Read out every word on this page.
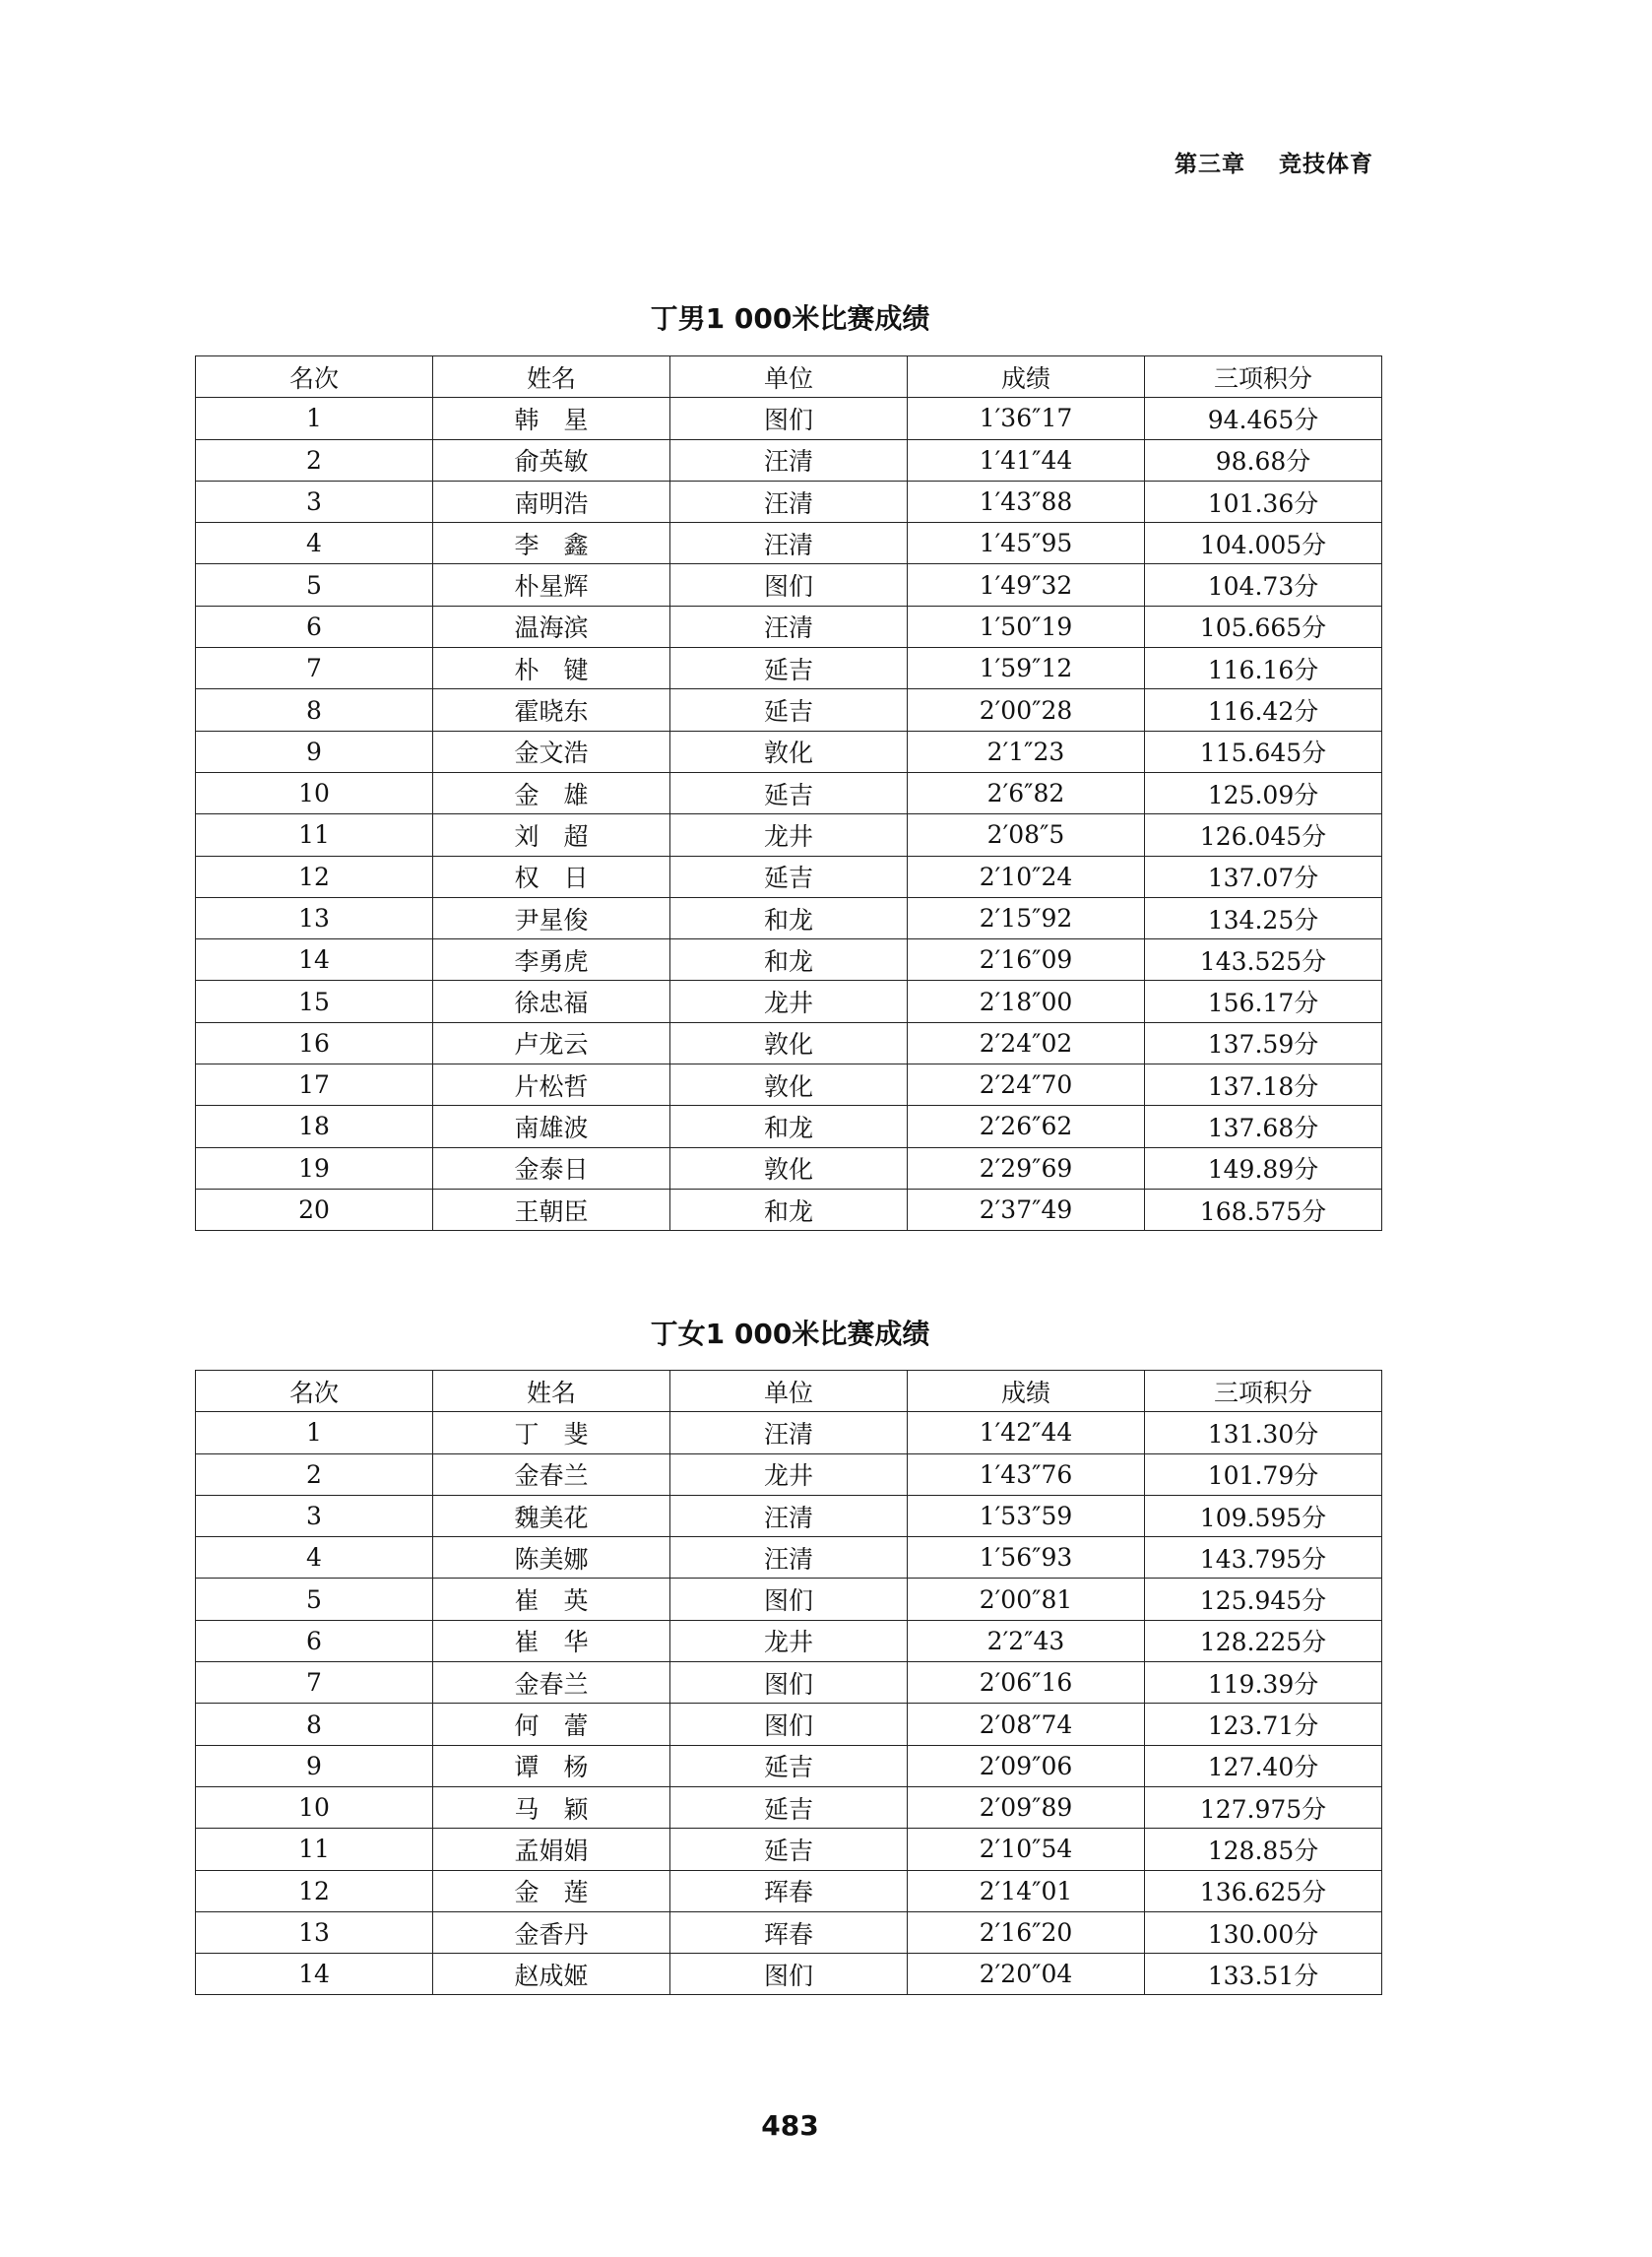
第三章 竞技体育
丁男1 000米比赛成绩
名次	姓名	单位	成绩	三项积分
1	韩　星	图们	1′36″17	94.465分
2	俞英敏	汪清	1′41″44	98.68分
3	南明浩	汪清	1′43″88	101.36分
4	李　鑫	汪清	1′45″95	104.005分
5	朴星辉	图们	1′49″32	104.73分
6	温海滨	汪清	1′50″19	105.665分
7	朴　键	延吉	1′59″12	116.16分
8	霍晓东	延吉	2′00″28	116.42分
9	金文浩	敦化	2′1″23	115.645分
10	金　雄	延吉	2′6″82	125.09分
11	刘　超	龙井	2′08″5	126.045分
12	权　日	延吉	2′10″24	137.07分
13	尹星俊	和龙	2′15″92	134.25分
14	李勇虎	和龙	2′16″09	143.525分
15	徐忠福	龙井	2′18″00	156.17分
16	卢龙云	敦化	2′24″02	137.59分
17	片松哲	敦化	2′24″70	137.18分
18	南雄波	和龙	2′26″62	137.68分
19	金泰日	敦化	2′29″69	149.89分
20	王朝臣	和龙	2′37″49	168.575分
丁女1 000米比赛成绩
名次	姓名	单位	成绩	三项积分
1	丁　斐	汪清	1′42″44	131.30分
2	金春兰	龙井	1′43″76	101.79分
3	魏美花	汪清	1′53″59	109.595分
4	陈美娜	汪清	1′56″93	143.795分
5	崔　英	图们	2′00″81	125.945分
6	崔　华	龙井	2′2″43	128.225分
7	金春兰	图们	2′06″16	119.39分
8	何　蕾	图们	2′08″74	123.71分
9	谭　杨	延吉	2′09″06	127.40分
10	马　颖	延吉	2′09″89	127.975分
11	孟娟娟	延吉	2′10″54	128.85分
12	金　莲	珲春	2′14″01	136.625分
13	金香丹	珲春	2′16″20	130.00分
14	赵成姬	图们	2′20″04	133.51分
483
